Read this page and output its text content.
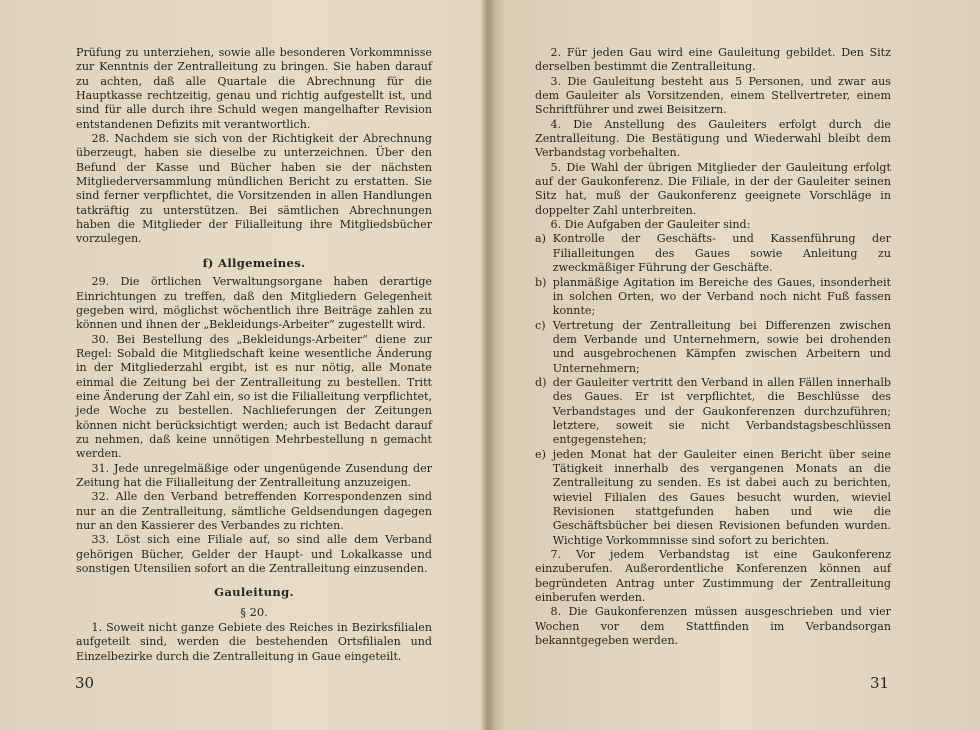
Prüfung zu unterziehen, sowie alle besonderen Vorkommnisse zur Kenntnis der Zentralleitung zu bringen. Sie haben darauf zu achten, daß alle Quartale die Abrechnung für die Hauptkasse rechtzeitig, genau und richtig aufgestellt ist, und sind für alle durch ihre Schuld wegen mangelhafter Revision entstandenen Defizits mit verantwortlich.

28. Nachdem sie sich von der Richtigkeit der Abrechnung überzeugt, haben sie dieselbe zu unterzeichnen. Über den Befund der Kasse und Bücher haben sie der nächsten Mitgliederversammlung mündlichen Bericht zu erstatten. Sie sind ferner verpflichtet, die Vorsitzenden in allen Handlungen tatkräftig zu unterstützen. Bei sämtlichen Abrechnungen haben die Mitglieder der Filialleitung ihre Mitgliedsbücher vorzulegen.

f) Allgemeines.

29. Die örtlichen Verwaltungsorgane haben derartige Einrichtungen zu treffen, daß den Mitgliedern Gelegenheit gegeben wird, möglichst wöchentlich ihre Beiträge zahlen zu können und ihnen der „Bekleidungs-Arbeiter“ zugestellt wird.

30. Bei Bestellung des „Bekleidungs-Arbeiter“ diene zur Regel: Sobald die Mitgliedschaft keine wesentliche Änderung in der Mitgliederzahl ergibt, ist es nur nötig, alle Monate einmal die Zeitung bei der Zentralleitung zu bestellen. Tritt eine Änderung der Zahl ein, so ist die Filialleitung verpflichtet, jede Woche zu bestellen. Nachlieferungen der Zeitungen können nicht berücksichtigt werden; auch ist Bedacht darauf zu nehmen, daß keine unnötigen Mehrbestellung n gemacht werden.

31. Jede unregelmäßige oder ungenügende Zusendung der Zeitung hat die Filialleitung der Zentralleitung anzuzeigen.

32. Alle den Verband betreffenden Korrespondenzen sind nur an die Zentralleitung, sämtliche Geldsendungen dagegen nur an den Kassierer des Verbandes zu richten.

33. Löst sich eine Filiale auf, so sind alle dem Verband gehörigen Bücher, Gelder der Haupt- und Lokalkasse und sonstigen Utensilien sofort an die Zentralleitung einzusenden.

Gauleitung.
§ 20.

1. Soweit nicht ganze Gebiete des Reiches in Bezirksfilialen aufgeteilt sind, werden die bestehenden Ortsfilialen und Einzelbezirke durch die Zentralleitung in Gaue eingeteilt.

30

2. Für jeden Gau wird eine Gauleitung gebildet. Den Sitz derselben bestimmt die Zentralleitung.

3. Die Gauleitung besteht aus 5 Personen, und zwar aus dem Gauleiter als Vorsitzenden, einem Stellvertreter, einem Schriftführer und zwei Beisitzern.

4. Die Anstellung des Gauleiters erfolgt durch die Zentralleitung. Die Bestätigung und Wiederwahl bleibt dem Verbandstag vorbehalten.

5. Die Wahl der übrigen Mitglieder der Gauleitung erfolgt auf der Gaukonferenz. Die Filiale, in der der Gauleiter seinen Sitz hat, muß der Gaukonferenz geeignete Vorschläge in doppelter Zahl unterbreiten.

6. Die Aufgaben der Gauleiter sind:

a) Kontrolle der Geschäfts- und Kassenführung der Filialleitungen des Gaues sowie Anleitung zu zweckmäßiger Führung der Geschäfte.
b) planmäßige Agitation im Bereiche des Gaues, insonderheit in solchen Orten, wo der Verband noch nicht Fuß fassen konnte;
c) Vertretung der Zentralleitung bei Differenzen zwischen dem Verbande und Unternehmern, sowie bei drohenden und ausgebrochenen Kämpfen zwischen Arbeitern und Unternehmern;
d) der Gauleiter vertritt den Verband in allen Fällen innerhalb des Gaues. Er ist verpflichtet, die Beschlüsse des Verbandstages und der Gaukonferenzen durchzuführen; letztere, soweit sie nicht Verbandstagsbeschlüssen entgegenstehen;
e) jeden Monat hat der Gauleiter einen Bericht über seine Tätigkeit innerhalb des vergangenen Monats an die Zentralleitung zu senden. Es ist dabei auch zu berichten, wieviel Filialen des Gaues besucht wurden, wieviel Revisionen stattgefunden haben und wie die Geschäftsbücher bei diesen Revisionen befunden wurden. Wichtige Vorkommnisse sind sofort zu berichten.

7. Vor jedem Verbandstag ist eine Gaukonferenz einzuberufen. Außerordentliche Konferenzen können auf begründeten Antrag unter Zustimmung der Zentralleitung einberufen werden.

8. Die Gaukonferenzen müssen ausgeschrieben und vier Wochen vor dem Stattfinden im Verbandsorgan bekanntgegeben werden.

31
